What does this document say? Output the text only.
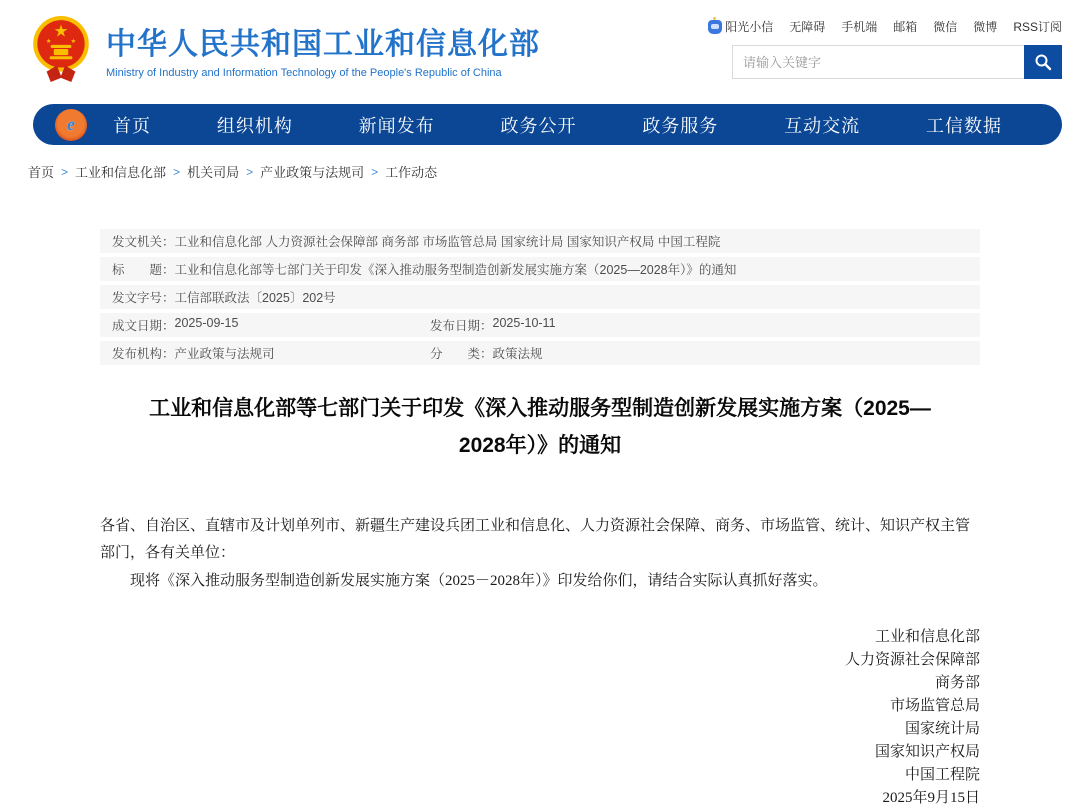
★
★	★ 中华人民共和国工业和信息化部
Ministry of Industry and Information Technology of the People's Republic of China
阳光小信 无障碍 手机端 邮箱 微信 微博 RSS订阅
请输入关键字
e 首页	组织机构	新闻发布	政务公开	政务服务	互动交流	工信数据
首页 > 工业和信息化部 > 机关司局 > 产业政策与法规司 > 工作动态
发文机关： 工业和信息化部 人力资源社会保障部 商务部 市场监管总局 国家统计局 国家知识产权局 中国工程院
标　　题： 工业和信息化部等七部门关于印发《深入推动服务型制造创新发展实施方案（2025—2028年）》的通知
发文字号： 工信部联政法〔2025〕202号
成文日期： 2025-09-15	发布日期： 2025-10-11
发布机构： 产业政策与法规司	分　　类： 政策法规
工业和信息化部等七部门关于印发《深入推动服务型制造创新发展实施方案（2025—2028年）》的通知

各省、自治区、直辖市及计划单列市、新疆生产建设兵团工业和信息化、人力资源社会保障、商务、市场监管、统计、知识产权主管部门，各有关单位：

现将《深入推动服务型制造创新发展实施方案（2025－2028年）》印发给你们，请结合实际认真抓好落实。

工业和信息化部
人力资源社会保障部
商务部
市场监管总局
国家统计局
国家知识产权局
中国工程院
2025年9月15日
